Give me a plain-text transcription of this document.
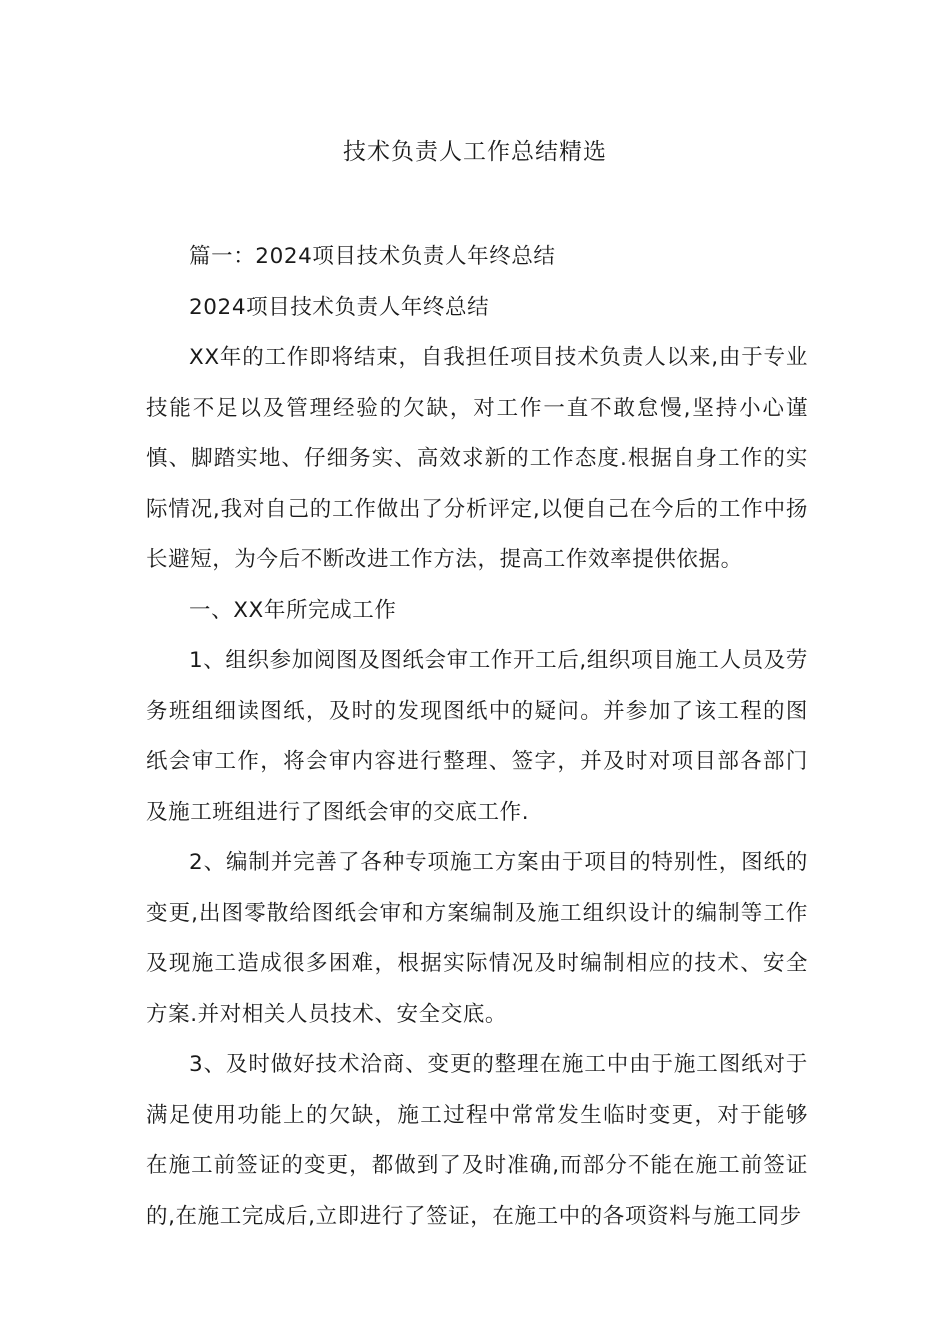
技术负责人工作总结精选

篇一：2024项目技术负责人年终总结

2024项目技术负责人年终总结

XX年的工作即将结束，自我担任项目技术负责人以来,由于专业技能不足以及管理经验的欠缺，对工作一直不敢怠慢,坚持小心谨慎、脚踏实地、仔细务实、高效求新的工作态度.根据自身工作的实际情况,我对自己的工作做出了分析评定,以便自己在今后的工作中扬长避短，为今后不断改进工作方法，提高工作效率提供依据。

一、XX年所完成工作

1、组织参加阅图及图纸会审工作开工后,组织项目施工人员及劳务班组细读图纸，及时的发现图纸中的疑问。并参加了该工程的图纸会审工作，将会审内容进行整理、签字，并及时对项目部各部门及施工班组进行了图纸会审的交底工作.

2、编制并完善了各种专项施工方案由于项目的特别性，图纸的变更,出图零散给图纸会审和方案编制及施工组织设计的编制等工作及现施工造成很多困难，根据实际情况及时编制相应的技术、安全方案.并对相关人员技术、安全交底。

3、及时做好技术洽商、变更的整理在施工中由于施工图纸对于满足使用功能上的欠缺，施工过程中常常发生临时变更，对于能够在施工前签证的变更，都做到了及时准确,而部分不能在施工前签证的,在施工完成后,立即进行了签证，在施工中的各项资料与施工同步
